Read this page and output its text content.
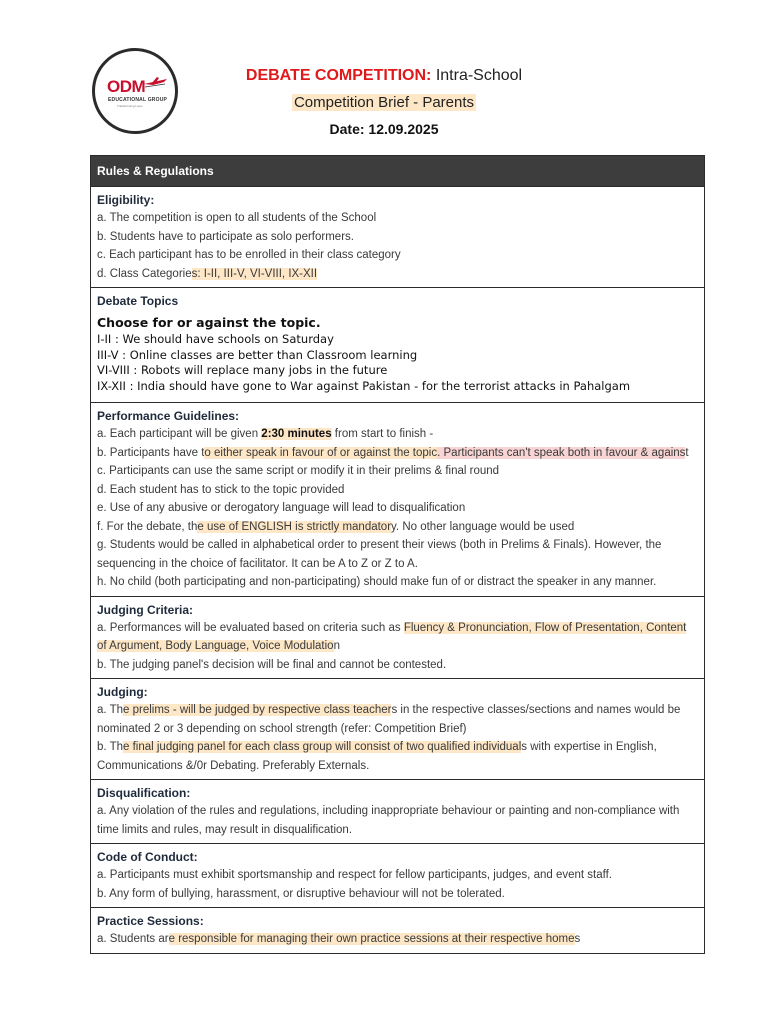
ODM
EDUCATIONAL GROUP
Transforming Lives
DEBATE COMPETITION: Intra-School
Competition Brief - Parents
Date: 12.09.2025
Rules & Regulations
Eligibility:
a. The competition is open to all students of the School
b. Students have to participate as solo performers.
c. Each participant has to be enrolled in their class category
d. Class Categories: I-II, III-V, VI-VIII, IX-XII
Debate Topics
Choose for or against the topic.
I-II : We should have schools on Saturday
III-V : Online classes are better than Classroom learning
VI-VIII : Robots will replace many jobs in the future
IX-XII : India should have gone to War against Pakistan - for the terrorist attacks in Pahalgam
Performance Guidelines:
a. Each participant will be given 2:30 minutes from start to finish -
b. Participants have to either speak in favour of or against the topic. Participants can't speak both in favour & against
c. Participants can use the same script or modify it in their prelims & final round
d. Each student has to stick to the topic provided
e. Use of any abusive or derogatory language will lead to disqualification
f. For the debate, the use of ENGLISH is strictly mandatory. No other language would be used
g. Students would be called in alphabetical order to present their views (both in Prelims & Finals). However, the sequencing in the choice of facilitator. It can be A to Z or Z to A.
h. No child (both participating and non-participating) should make fun of or distract the speaker in any manner.
Judging Criteria:
a. Performances will be evaluated based on criteria such as Fluency & Pronunciation, Flow of Presentation, Content of Argument, Body Language, Voice Modulation
b. The judging panel's decision will be final and cannot be contested.
Judging:
a. The prelims - will be judged by respective class teachers in the respective classes/sections and names would be nominated 2 or 3 depending on school strength (refer: Competition Brief)
b. The final judging panel for each class group will consist of two qualified individuals with expertise in English, Communications &/0r Debating. Preferably Externals.
Disqualification:
a. Any violation of the rules and regulations, including inappropriate behaviour or painting and non-compliance with time limits and rules, may result in disqualification.
Code of Conduct:
a. Participants must exhibit sportsmanship and respect for fellow participants, judges, and event staff.
b. Any form of bullying, harassment, or disruptive behaviour will not be tolerated.
Practice Sessions:
a. Students are responsible for managing their own practice sessions at their respective homes
